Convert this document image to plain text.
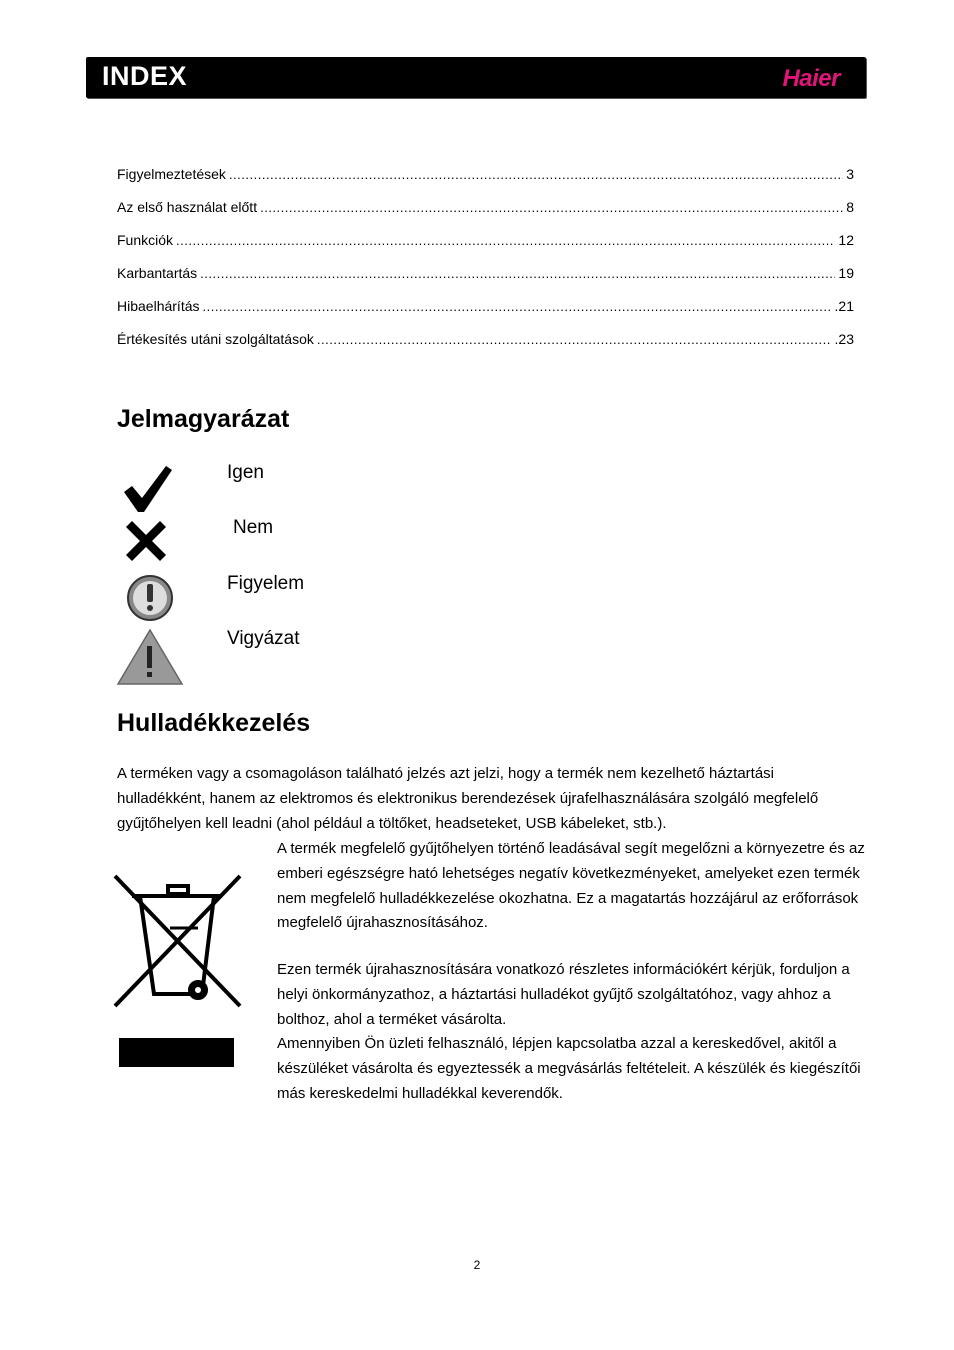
INDEX	Haier
Figyelmeztetések .....	3
Az első használat előtt .....	8
Funkciók .....	12
Karbantartás .....	19
Hibaelhárítás .....	.21
Értékesítés utáni szolgáltatások .....	.23
Jelmagyarázat
Igen
Nem
Figyelem
Vigyázat
Hulladékkezelés

A terméken vagy a csomagoláson található jelzés azt jelzi, hogy a termék nem kezelhető háztartási hulladékként, hanem az elektromos és elektronikus berendezések újrafelhasználására szolgáló megfelelő gyűjtőhelyen kell leadni (ahol például a töltőket, headseteket, USB kábeleket, stb.).

A termék megfelelő gyűjtőhelyen történő leadásával segít megelőzni a környezetre és az emberi egészségre ható lehetséges negatív következményeket, amelyeket ezen termék nem megfelelő hulladékkezelése okozhatna. Ez a magatartás hozzájárul az erőforrások megfelelő újrahasznosításához.

Ezen termék újrahasznosítására vonatkozó részletes információkért kérjük, forduljon a helyi önkormányzathoz, a háztartási hulladékot gyűjtő szolgáltatóhoz, vagy ahhoz a bolthoz, ahol a terméket vásárolta.

Amennyiben Ön üzleti felhasználó, lépjen kapcsolatba azzal a kereskedővel, akitől a készüléket vásárolta és egyeztessék a megvásárlás feltételeit. A készülék és kiegészítői más kereskedelmi hulladékkal keverendők.

2
